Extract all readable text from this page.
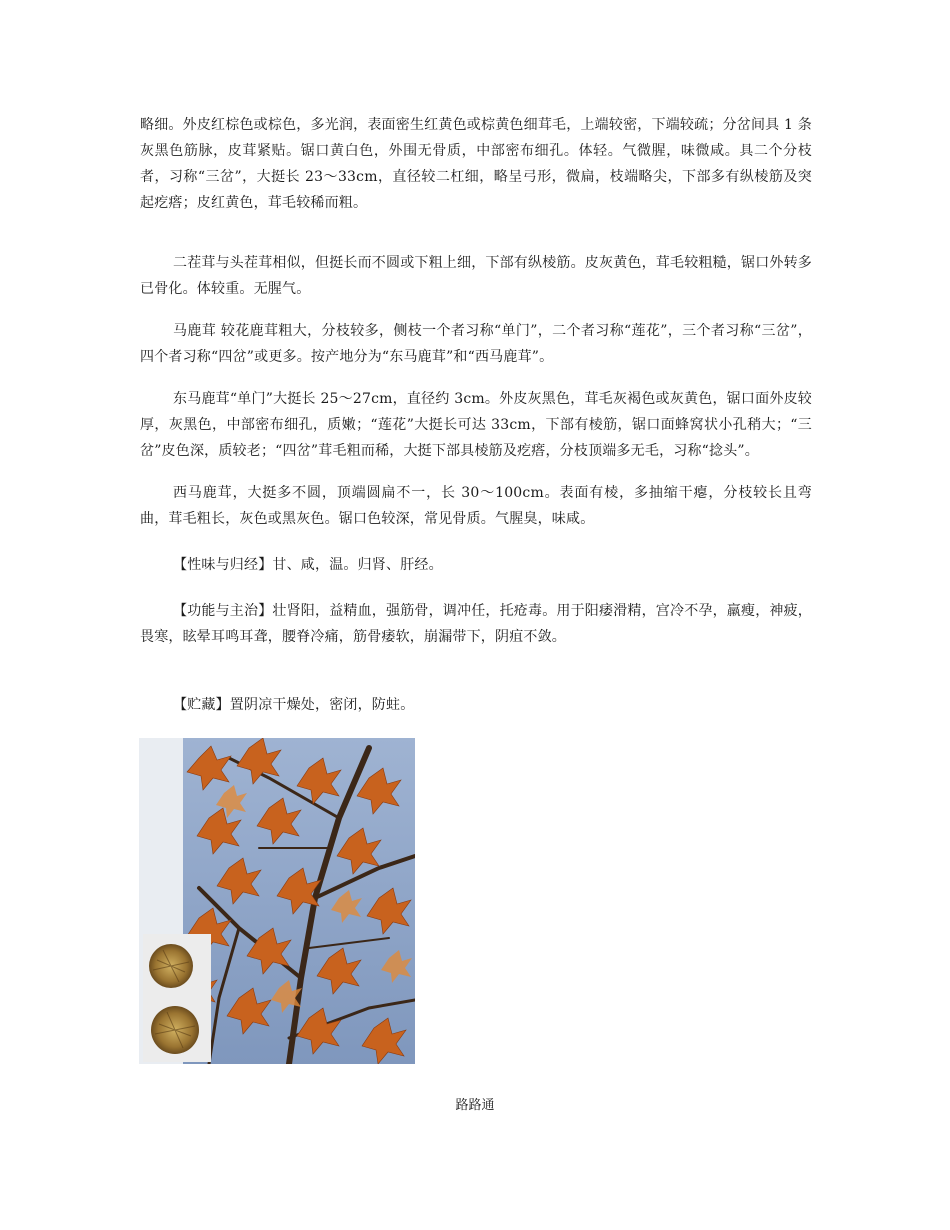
略细。外皮红棕色或棕色，多光润，表面密生红黄色或棕黄色细茸毛，上端较密，下端较疏；分岔间具 1 条灰黑色筋脉，皮茸紧贴。锯口黄白色，外围无骨质，中部密布细孔。体轻。气微腥，味微咸。具二个分枝者，习称“三岔”，大挺长 23～33cm，直径较二杠细，略呈弓形，微扁，枝端略尖，下部多有纵棱筋及突起疙瘩；皮红黄色，茸毛较稀而粗。

二茬茸与头茬茸相似，但挺长而不圆或下粗上细，下部有纵棱筋。皮灰黄色，茸毛较粗糙，锯口外转多已骨化。体较重。无腥气。

马鹿茸 较花鹿茸粗大，分枝较多，侧枝一个者习称“单门”，二个者习称“莲花”，三个者习称“三岔”，四个者习称“四岔”或更多。按产地分为“东马鹿茸”和“西马鹿茸”。

东马鹿茸“单门”大挺长 25～27cm，直径约 3cm。外皮灰黑色，茸毛灰褐色或灰黄色，锯口面外皮较厚，灰黑色，中部密布细孔，质嫩；“莲花”大挺长可达 33cm，下部有棱筋，锯口面蜂窝状小孔稍大；“三岔”皮色深，质较老；“四岔”茸毛粗而稀，大挺下部具棱筋及疙瘩，分枝顶端多无毛，习称“捻头”。

西马鹿茸，大挺多不圆，顶端圆扁不一，长 30～100cm。表面有棱，多抽缩干瘪，分枝较长且弯曲，茸毛粗长，灰色或黑灰色。锯口色较深，常见骨质。气腥臭，味咸。

【性味与归经】甘、咸，温。归肾、肝经。

【功能与主治】壮肾阳，益精血，强筋骨，调冲任，托疮毒。用于阳痿滑精，宫冷不孕，羸瘦，神疲，畏寒，眩晕耳鸣耳聋，腰脊冷痛，筋骨痿软，崩漏带下，阴疽不敛。

【贮藏】置阴凉干燥处，密闭，防蛀。

路路通
